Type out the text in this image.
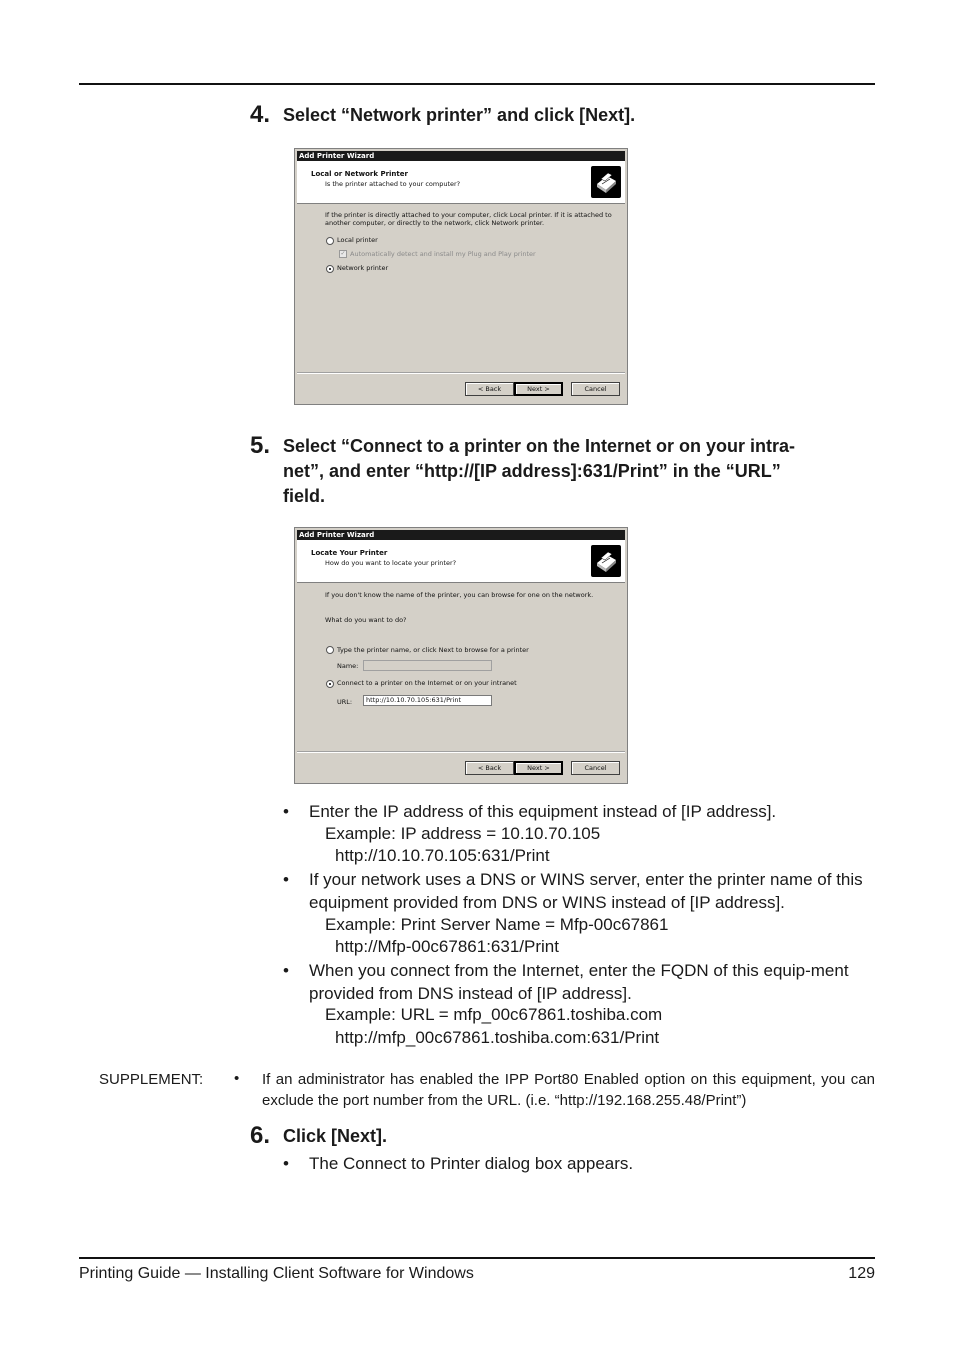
4. Select “Network printer” and click [Next].
Add Printer Wizard
Local or Network Printer
Is the printer attached to your computer?
If the printer is directly attached to your computer, click Local printer. If it is attached to another computer, or directly to the network, click Network printer.
Local printer
✓ Automatically detect and install my Plug and Play printer
Network printer
< Back	Next >	Cancel
5. Select “Connect to a printer on the Internet or on your intra-
net”, and enter “http://[IP address]:631/Print” in the “URL”
field.
Add Printer Wizard
Locate Your Printer
How do you want to locate your printer?
If you don't know the name of the printer, you can browse for one on the network.
What do you want to do?
Type the printer name, or click Next to browse for a printer
Name:
Connect to a printer on the Internet or on your intranet
URL:	http://10.10.70.105:631/Print
< Back	Next >	Cancel
• Enter the IP address of this equipment instead of [IP address].
Example: IP address = 10.10.70.105
http://10.10.70.105:631/Print
• If your network uses a DNS or WINS server, enter the printer name of this equipment provided from DNS or WINS instead of [IP address].
Example: Print Server Name = Mfp-00c67861
http://Mfp-00c67861:631/Print
• When you connect from the Internet, enter the FQDN of this equip-ment provided from DNS instead of [IP address].
Example: URL = mfp_00c67861.toshiba.com
http://mfp_00c67861.toshiba.com:631/Print
SUPPLEMENT: • If an administrator has enabled the IPP Port80 Enabled option on this equipment, you can exclude the port number from the URL. (i.e. “http://192.168.255.48/Print”)
6. Click [Next].
• The Connect to Printer dialog box appears.
Printing Guide — Installing Client Software for Windows	129
